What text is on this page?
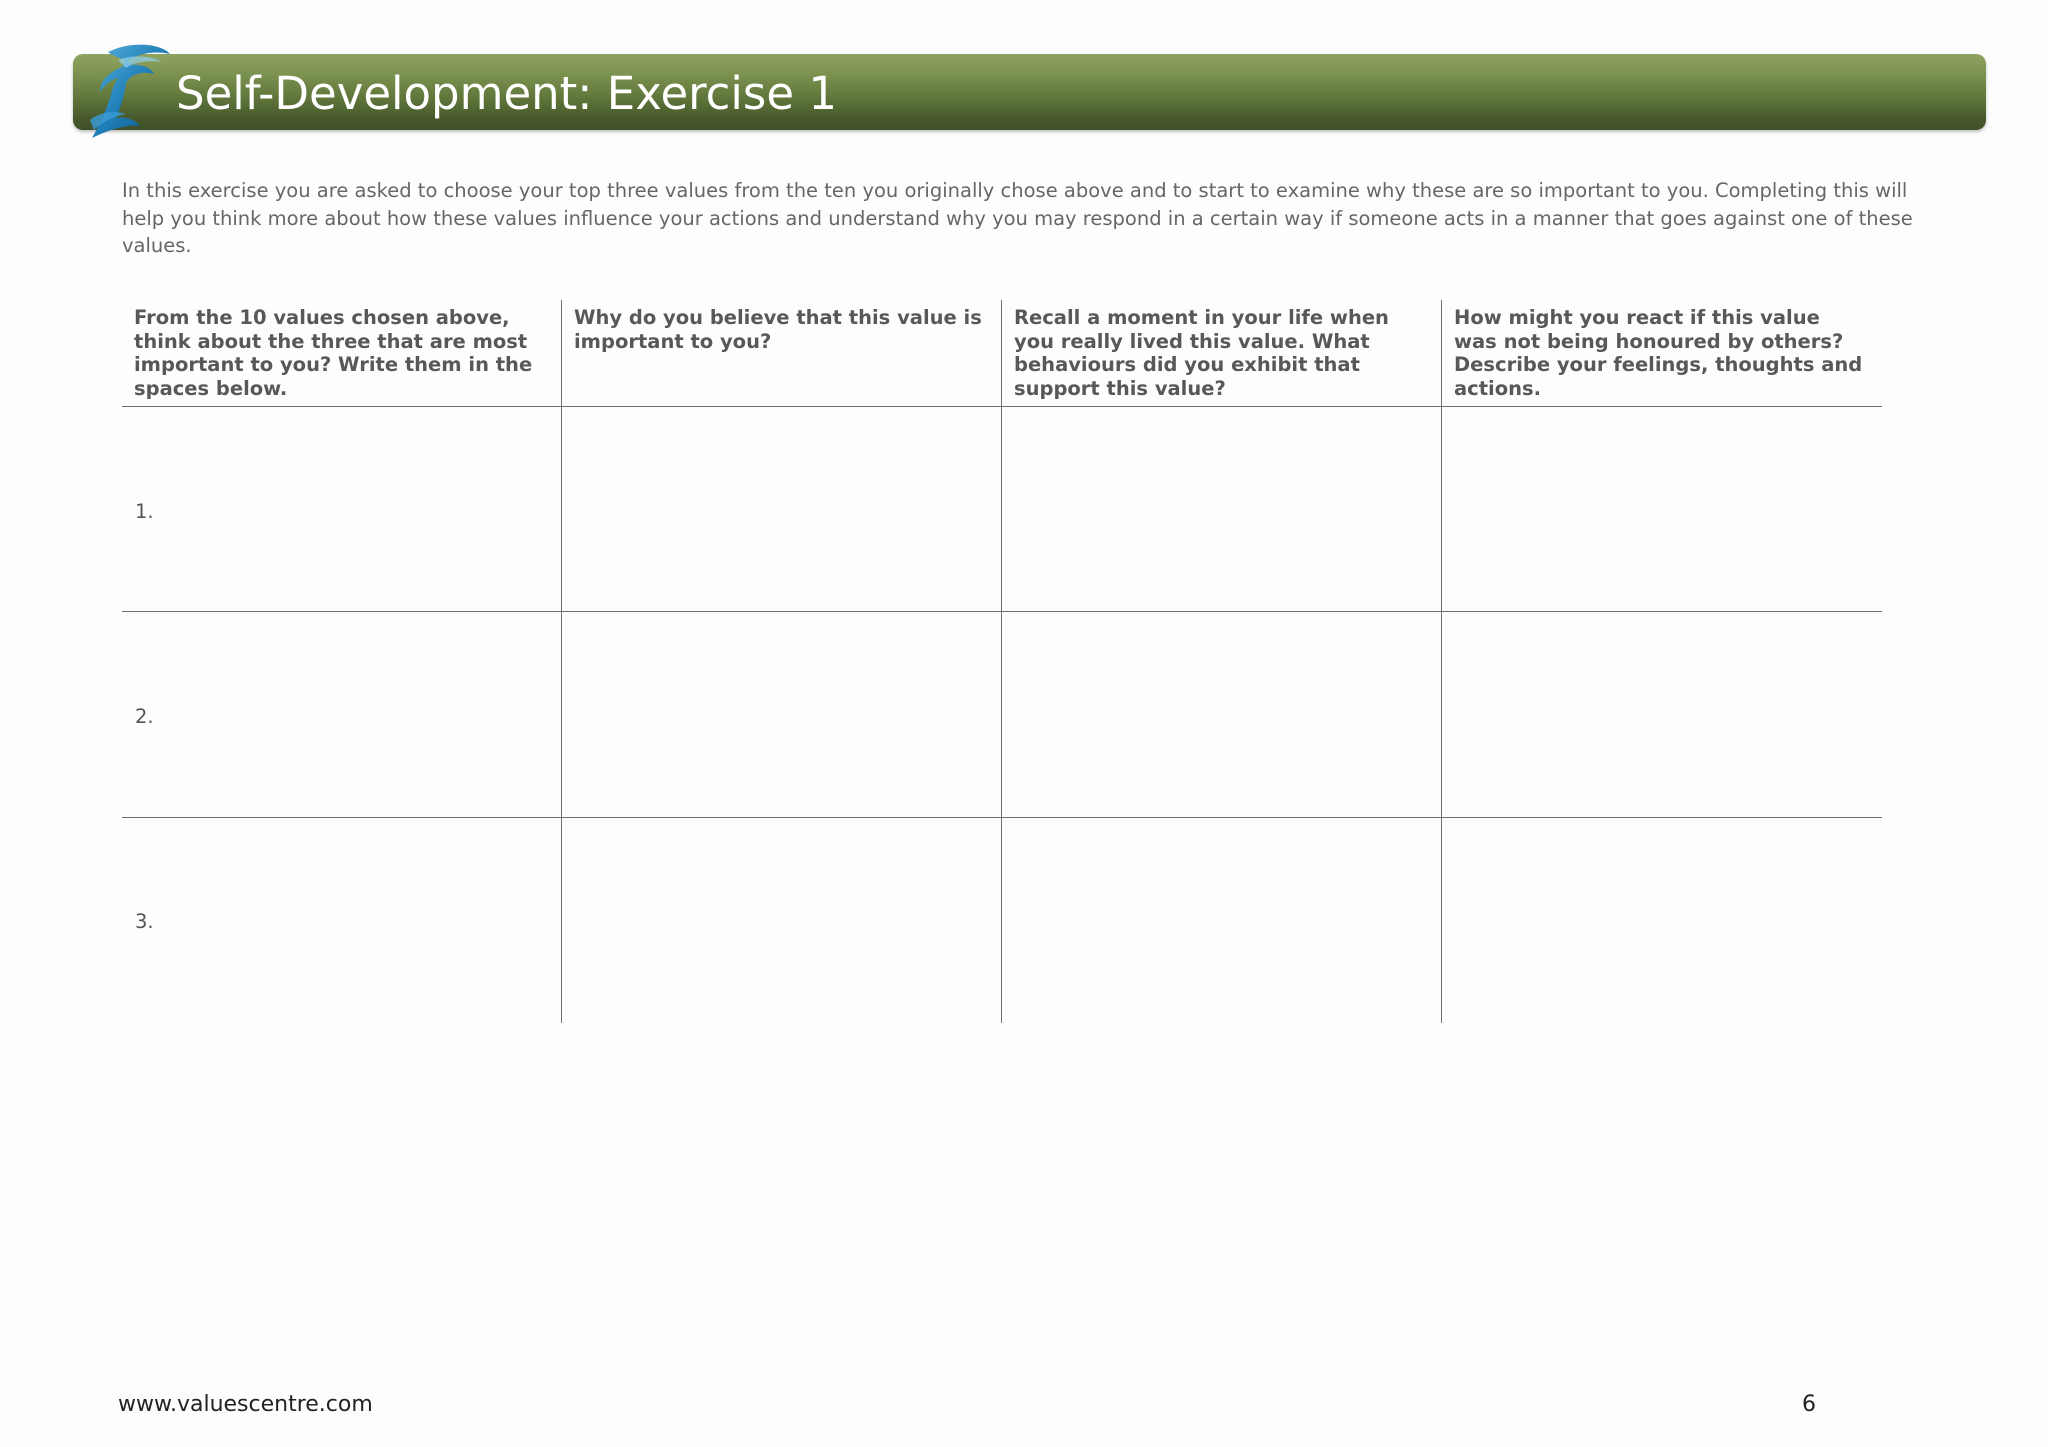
Self-Development: Exercise 1
In this exercise you are asked to choose your top three values from the ten you originally chose above and to start to examine why these are so important to you. Completing this will help you think more about how these values influence your actions and understand why you may respond in a certain way if someone acts in a manner that goes against one of these values.
From the 10 values chosen above, think about the three that are most important to you? Write them in the spaces below.
Why do you believe that this value is important to you?
Recall a moment in your life when you really lived this value. What behaviours did you exhibit that support this value?
How might you react if this value was not being honoured by others? Describe your feelings, thoughts and actions.
1.
2.
3.
www.valuescentre.com	6
